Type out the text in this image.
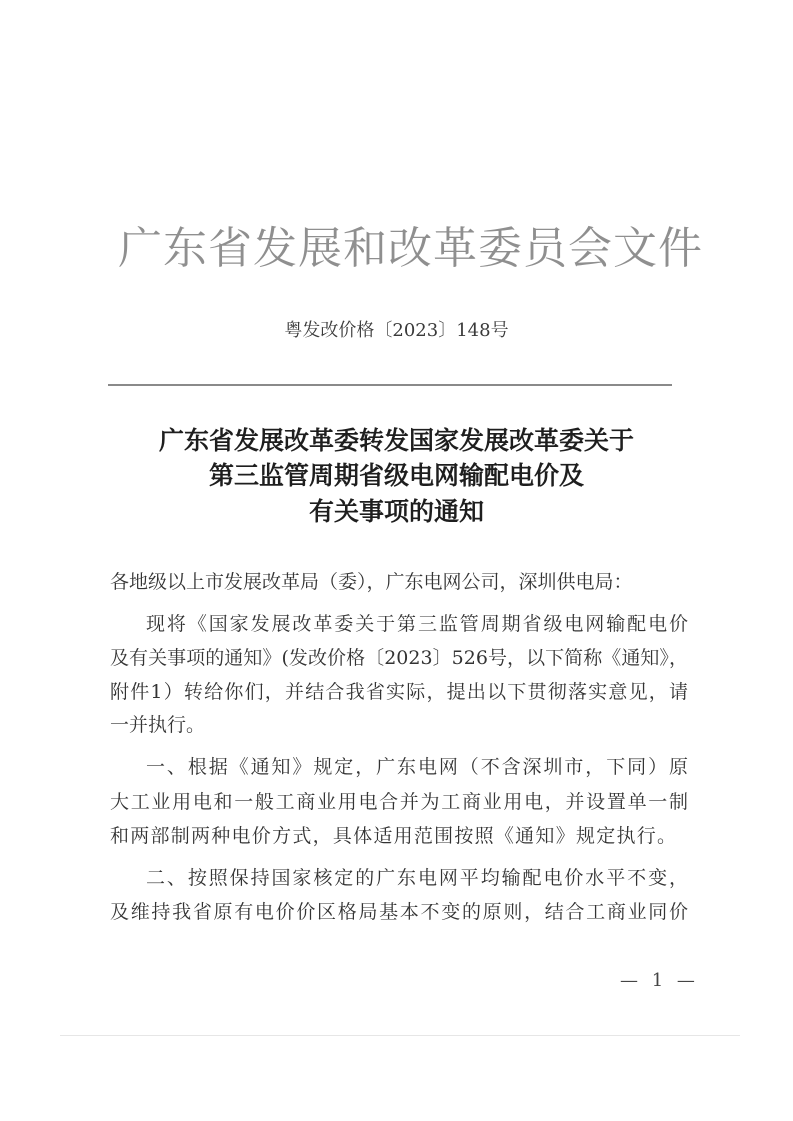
广东省发展和改革委员会文件
粤发改价格〔2023〕148号
广东省发展改革委转发国家发展改革委关于
第三监管周期省级电网输配电价及
有关事项的通知
各地级以上市发展改革局（委），广东电网公司，深圳供电局：
现将《国家发展改革委关于第三监管周期省级电网输配电价
及有关事项的通知》(发改价格〔2023〕526号，以下简称《通知》，
附件1）转给你们，并结合我省实际，提出以下贯彻落实意见，请
一并执行。
一、根据《通知》规定，广东电网（不含深圳市，下同）原
大工业用电和一般工商业用电合并为工商业用电，并设置单一制
和两部制两种电价方式，具体适用范围按照《通知》规定执行。
二、按照保持国家核定的广东电网平均输配电价水平不变，
及维持我省原有电价价区格局基本不变的原则，结合工商业同价
— 1 —
